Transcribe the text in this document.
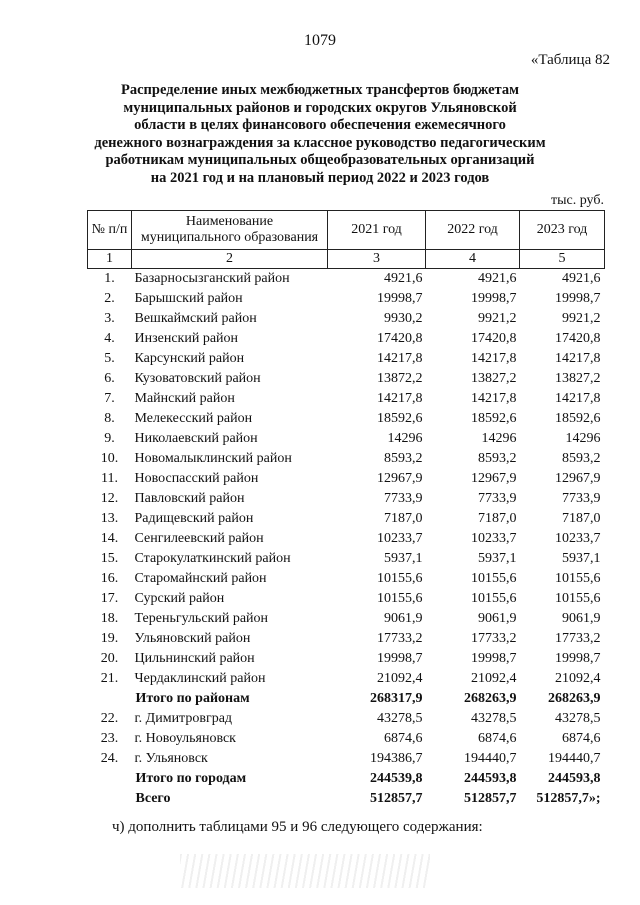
1079
«Таблица 82
Распределение иных межбюджетных трансфертов бюджетам
муниципальных районов и городских округов Ульяновской
области в целях финансового обеспечения ежемесячного
денежного вознаграждения за классное руководство педагогическим
работникам муниципальных общеобразовательных организаций
на 2021 год и на плановый период 2022 и 2023 годов
тыс. руб.
№ п/п	Наименование муниципального образования	2021 год	2022 год	2023 год
1	2	3	4	5
1.	Базарносызганский район	4921,6	4921,6	4921,6
2.	Барышский район	19998,7	19998,7	19998,7
3.	Вешкаймский район	9930,2	9921,2	9921,2
4.	Инзенский район	17420,8	17420,8	17420,8
5.	Карсунский район	14217,8	14217,8	14217,8
6.	Кузоватовский район	13872,2	13827,2	13827,2
7.	Майнский район	14217,8	14217,8	14217,8
8.	Мелекесский район	18592,6	18592,6	18592,6
9.	Николаевский район	14296	14296	14296
10.	Новомалыклинский район	8593,2	8593,2	8593,2
11.	Новоспасский район	12967,9	12967,9	12967,9
12.	Павловский район	7733,9	7733,9	7733,9
13.	Радищевский район	7187,0	7187,0	7187,0
14.	Сенгилеевский район	10233,7	10233,7	10233,7
15.	Старокулаткинский район	5937,1	5937,1	5937,1
16.	Старомайнский район	10155,6	10155,6	10155,6
17.	Сурский район	10155,6	10155,6	10155,6
18.	Тереньгульский район	9061,9	9061,9	9061,9
19.	Ульяновский район	17733,2	17733,2	17733,2
20.	Цильнинский район	19998,7	19998,7	19998,7
21.	Чердаклинский район	21092,4	21092,4	21092,4
	Итого по районам	268317,9	268263,9	268263,9
22.	г. Димитровград	43278,5	43278,5	43278,5
23.	г. Новоульяновск	6874,6	6874,6	6874,6
24.	г. Ульяновск	194386,7	194440,7	194440,7
	Итого по городам	244539,8	244593,8	244593,8
	Всего	512857,7	512857,7	512857,7»;
ч) дополнить таблицами 95 и 96 следующего содержания:
